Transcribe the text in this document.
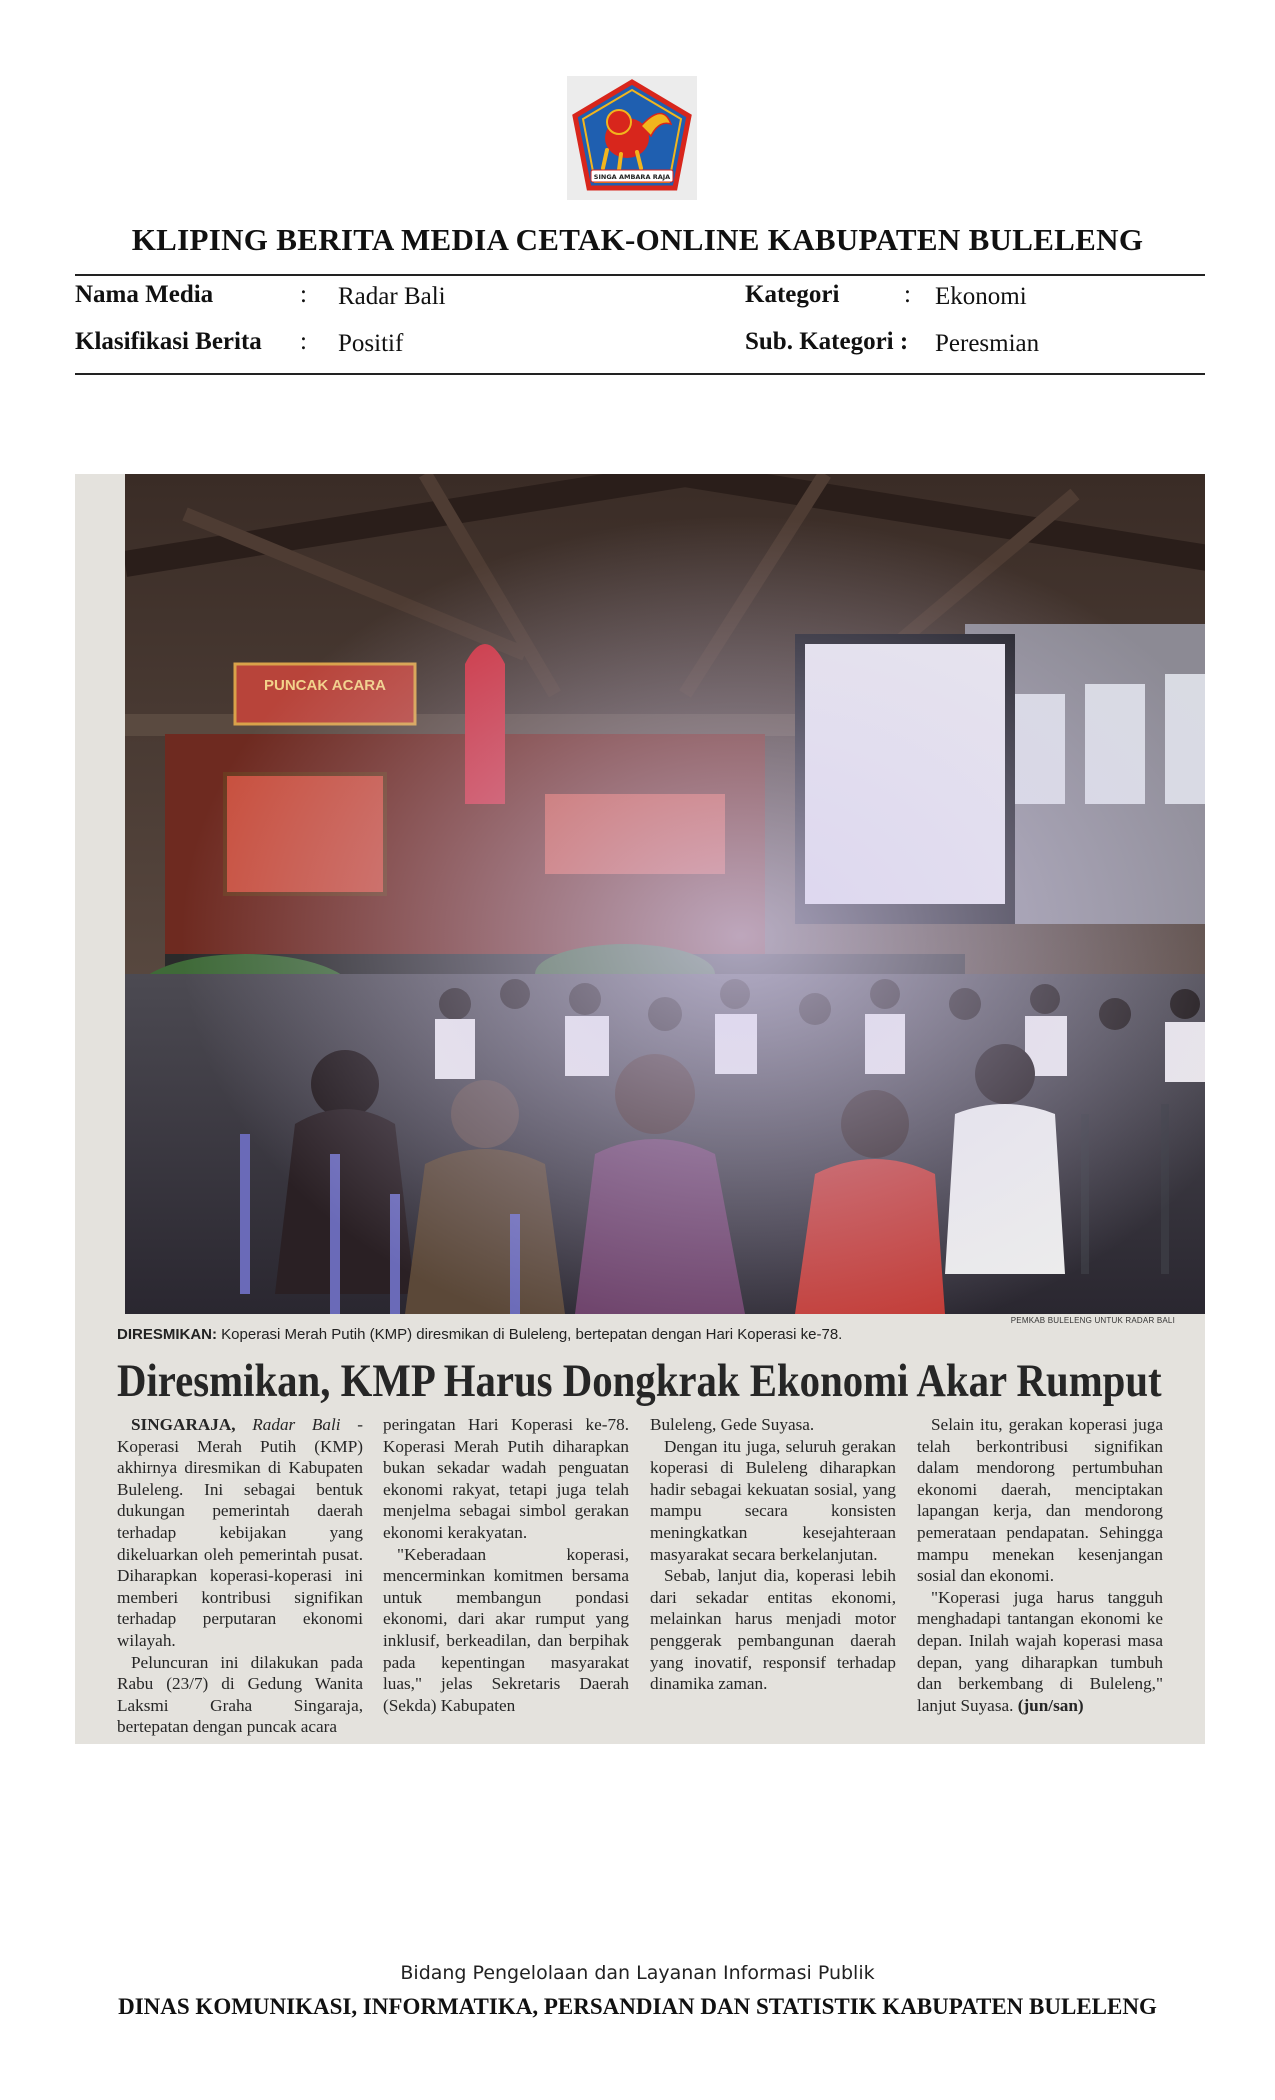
SINGA AMBARA RAJA
KLIPING BERITA MEDIA CETAK-ONLINE KABUPATEN BULELENG
Nama Media	: Radar Bali	Kategori	: Ekonomi
Klasifikasi Berita : Positif	Sub. Kategori : Peresmian
PEMKAB BULELENG UNTUK RADAR BALI
DIRESMIKAN: Koperasi Merah Putih (KMP) diresmikan di Buleleng, bertepatan dengan Hari Koperasi ke-78.
Diresmikan, KMP Harus Dongkrak Ekonomi Akar Rumput

SINGARAJA, Radar Bali - Koperasi Merah Putih (KMP) akhirnya diresmikan di Kabupaten Buleleng. Ini sebagai bentuk dukungan pemerintah daerah terhadap kebijakan yang dikeluarkan oleh pemerintah pusat. Diharapkan koperasi-koperasi ini memberi kontribusi signifikan terhadap perputaran ekonomi wilayah.

Peluncuran ini dilakukan pada Rabu (23/7) di Gedung Wanita Laksmi Graha Singaraja, bertepatan dengan puncak acara

peringatan Hari Koperasi ke-78. Koperasi Merah Putih diharapkan bukan sekadar wadah penguatan ekonomi rakyat, tetapi juga telah menjelma sebagai simbol gerakan ekonomi kerakyatan.

"Keberadaan koperasi, mencerminkan komitmen bersama untuk membangun pondasi ekonomi, dari akar rumput yang inklusif, berkeadilan, dan berpihak pada kepentingan masyarakat luas," jelas Sekretaris Daerah (Sekda) Kabupaten

Buleleng, Gede Suyasa.

Dengan itu juga, seluruh gerakan koperasi di Buleleng diharapkan hadir sebagai kekuatan sosial, yang mampu secara konsisten meningkatkan kesejahteraan masyarakat secara berkelanjutan.

Sebab, lanjut dia, koperasi lebih dari sekadar entitas ekonomi, melainkan harus menjadi motor penggerak pembangunan daerah yang inovatif, responsif terhadap dinamika zaman.

Selain itu, gerakan koperasi juga telah berkontribusi signifikan dalam mendorong pertumbuhan ekonomi daerah, menciptakan lapangan kerja, dan mendorong pemerataan pendapatan. Sehingga mampu menekan kesenjangan sosial dan ekonomi.

"Koperasi juga harus tangguh menghadapi tantangan ekonomi ke depan. Inilah wajah koperasi masa depan, yang diharapkan tumbuh dan berkembang di Buleleng," lanjut Suyasa. (jun/san)

Bidang Pengelolaan dan Layanan Informasi Publik
DINAS KOMUNIKASI, INFORMATIKA, PERSANDIAN DAN STATISTIK KABUPATEN BULELENG
